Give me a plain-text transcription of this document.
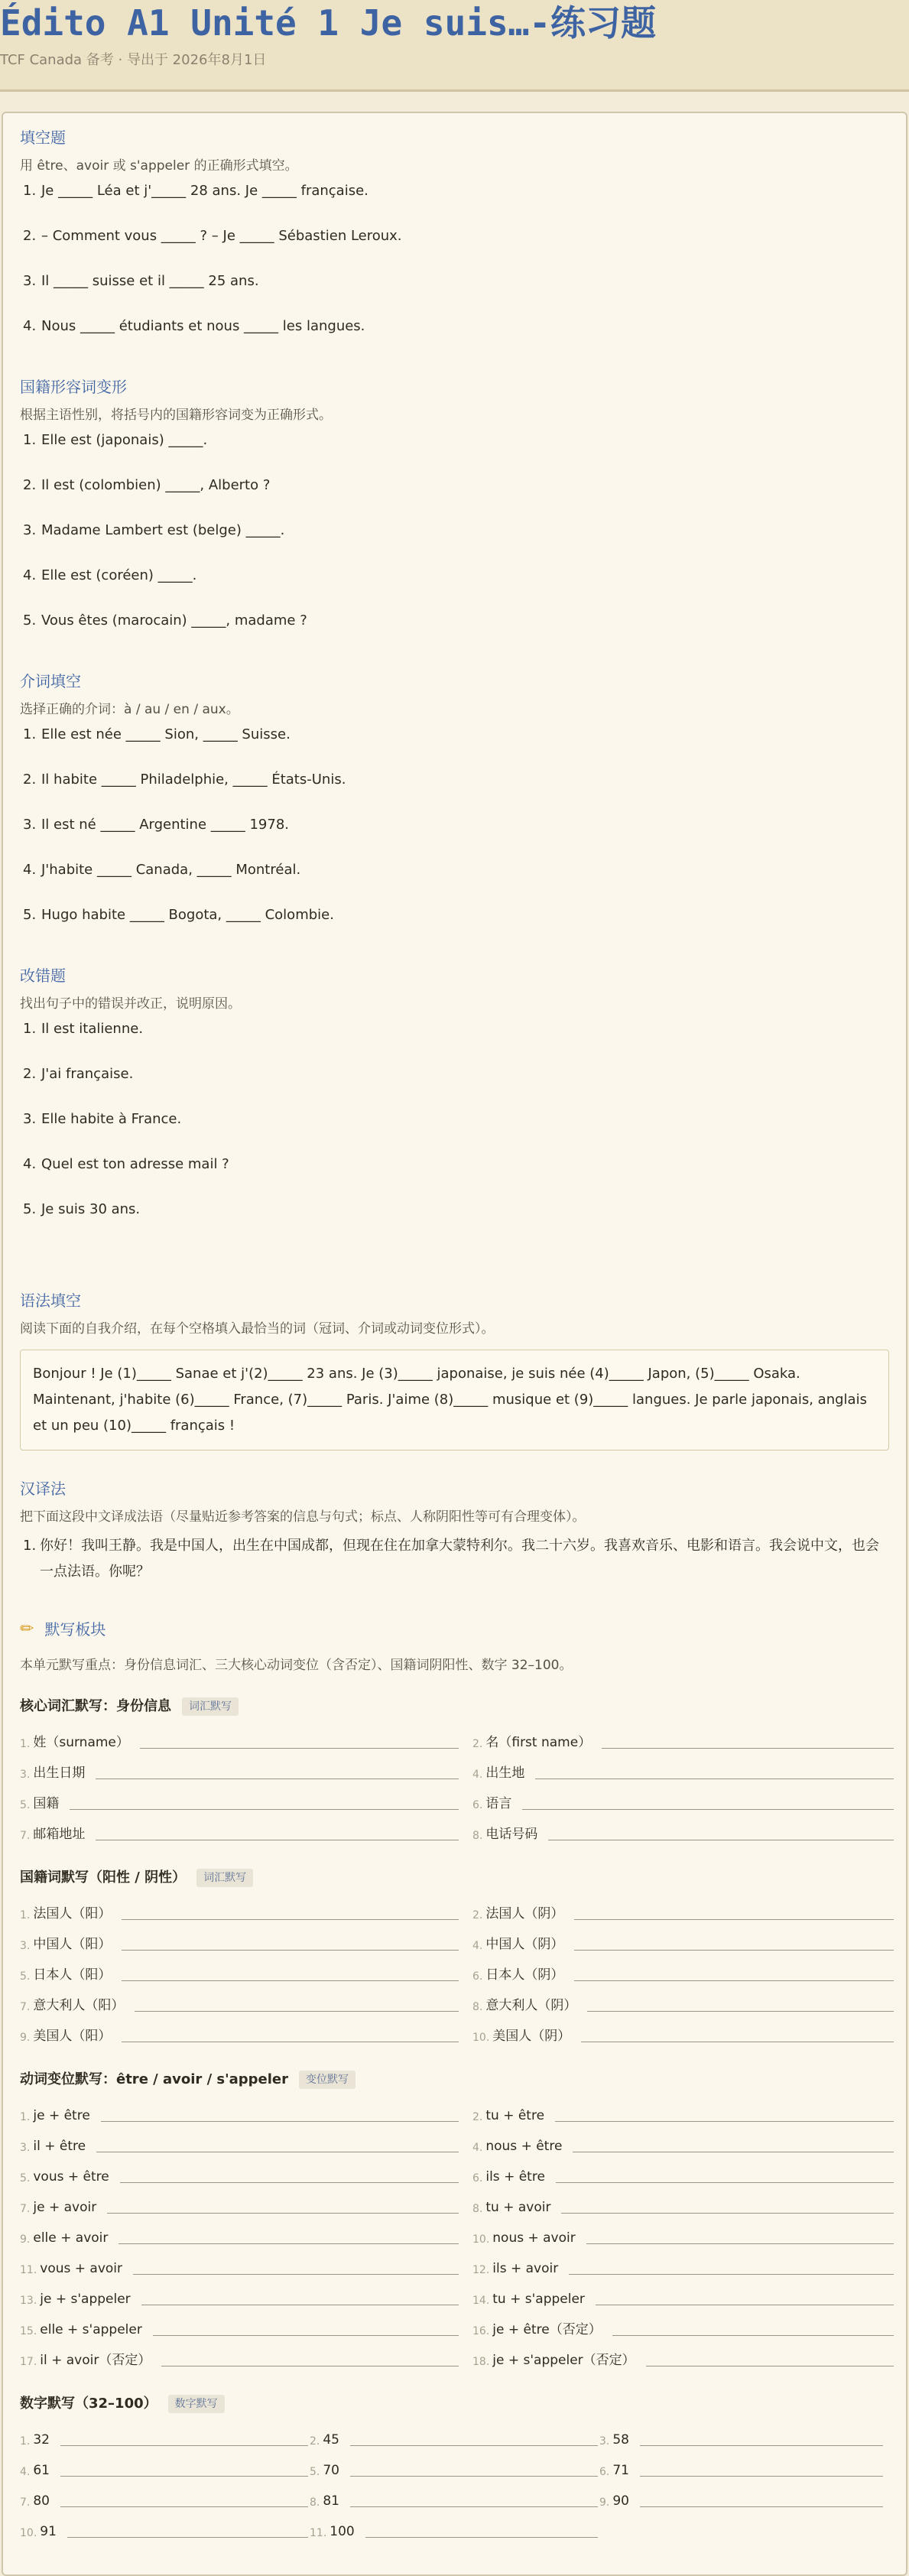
Édito A1 Unité 1 Je suis…-练习题
TCF Canada 备考 · 导出于 2026年8月1日
填空题
用 être、avoir 或 s'appeler 的正确形式填空。
1. Je _____ Léa et j'_____ 28 ans. Je _____ française.
2. – Comment vous _____ ? – Je _____ Sébastien Leroux.
3. Il _____ suisse et il _____ 25 ans.
4. Nous _____ étudiants et nous _____ les langues.
国籍形容词变形
根据主语性别，将括号内的国籍形容词变为正确形式。
1. Elle est (japonais) _____.
2. Il est (colombien) _____, Alberto ?
3. Madame Lambert est (belge) _____.
4. Elle est (coréen) _____.
5. Vous êtes (marocain) _____, madame ?
介词填空
选择正确的介词：à / au / en / aux。
1. Elle est née _____ Sion, _____ Suisse.
2. Il habite _____ Philadelphie, _____ États-Unis.
3. Il est né _____ Argentine _____ 1978.
4. J'habite _____ Canada, _____ Montréal.
5. Hugo habite _____ Bogota, _____ Colombie.
改错题
找出句子中的错误并改正，说明原因。
1. Il est italienne.
2. J'ai française.
3. Elle habite à France.
4. Quel est ton adresse mail ?
5. Je suis 30 ans.
语法填空
阅读下面的自我介绍，在每个空格填入最恰当的词（冠词、介词或动词变位形式）。
Bonjour ! Je (1)_____ Sanae et j'(2)_____ 23 ans. Je (3)_____ japonaise, je suis née (4)_____ Japon, (5)_____ Osaka. Maintenant, j'habite (6)_____ France, (7)_____ Paris. J'aime (8)_____ musique et (9)_____ langues. Je parle japonais, anglais et un peu (10)_____ français !
汉译法
把下面这段中文译成法语（尽量贴近参考答案的信息与句式；标点、人称阴阳性等可有合理变体）。
1. 你好！我叫王静。我是中国人，出生在中国成都，但现在住在加拿大蒙特利尔。我二十六岁。我喜欢音乐、电影和语言。我会说中文，也会一点法语。你呢？
✏ 默写板块
本单元默写重点：身份信息词汇、三大核心动词变位（含否定）、国籍词阴阳性、数字 32–100。
核心词汇默写：身份信息	词汇默写
1. 姓（surname）	2. 名（first name）
3. 出生日期	4. 出生地
5. 国籍	6. 语言
7. 邮箱地址	8. 电话号码
国籍词默写（阳性 / 阴性）	词汇默写
1. 法国人（阳）	2. 法国人（阴）
3. 中国人（阳）	4. 中国人（阴）
5. 日本人（阳）	6. 日本人（阴）
7. 意大利人（阳）	8. 意大利人（阴）
9. 美国人（阳）	10. 美国人（阴）
动词变位默写：être / avoir / s'appeler	变位默写
1. je + être	2. tu + être
3. il + être	4. nous + être
5. vous + être	6. ils + être
7. je + avoir	8. tu + avoir
9. elle + avoir	10. nous + avoir
11. vous + avoir	12. ils + avoir
13. je + s'appeler	14. tu + s'appeler
15. elle + s'appeler	16. je + être（否定）
17. il + avoir（否定）	18. je + s'appeler（否定）
数字默写（32–100）	数字默写
1. 32	2. 45	3. 58
4. 61	5. 70	6. 71
7. 80	8. 81	9. 90
10. 91	11. 100
